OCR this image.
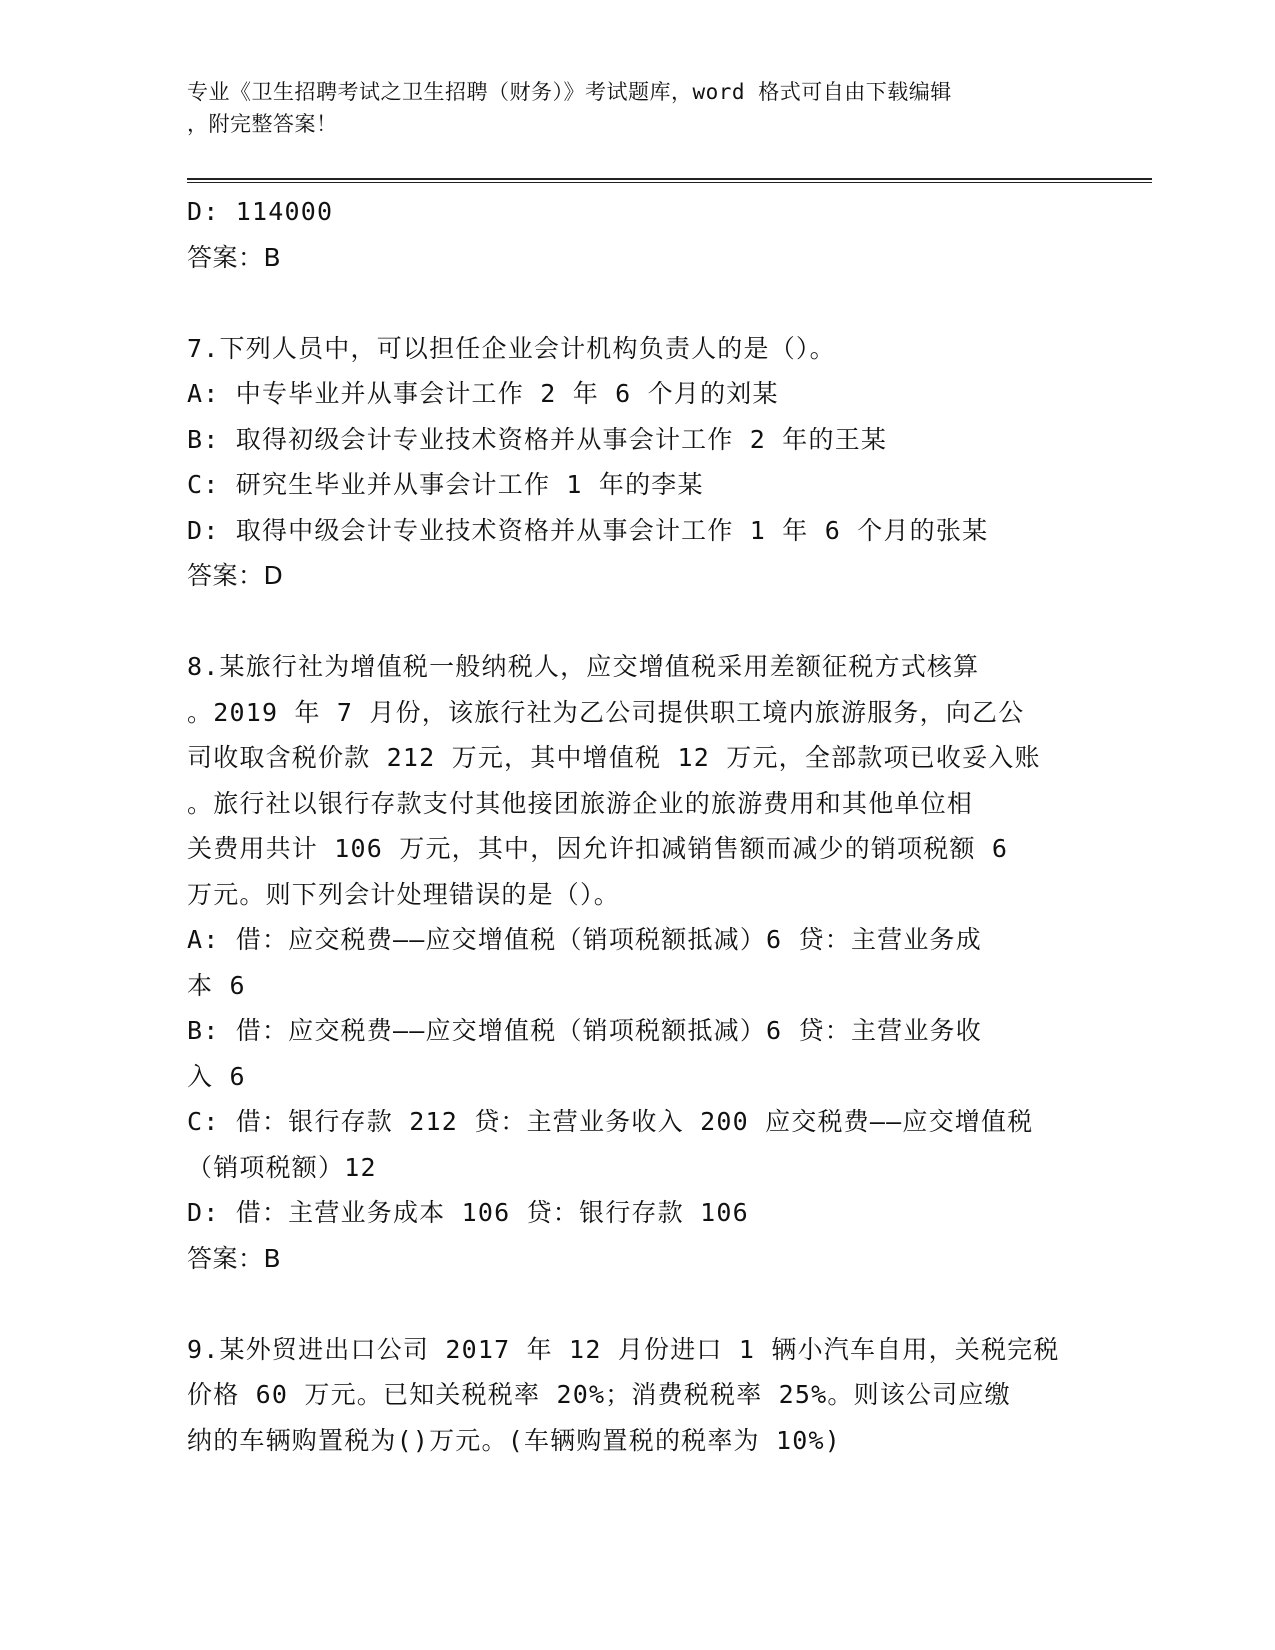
专业《卫生招聘考试之卫生招聘（财务）》考试题库，word 格式可自由下载编辑
，附完整答案！

D: 114000

答案：B

7.下列人员中，可以担任企业会计机构负责人的是（）。

A: 中专毕业并从事会计工作 2 年 6 个月的刘某

B: 取得初级会计专业技术资格并从事会计工作 2 年的王某

C: 研究生毕业并从事会计工作 1 年的李某

D: 取得中级会计专业技术资格并从事会计工作 1 年 6 个月的张某

答案：D

8.某旅行社为增值税一般纳税人，应交增值税采用差额征税方式核算

。2019 年 7 月份，该旅行社为乙公司提供职工境内旅游服务，向乙公

司收取含税价款 212 万元，其中增值税 12 万元，全部款项已收妥入账

。旅行社以银行存款支付其他接团旅游企业的旅游费用和其他单位相

关费用共计 106 万元，其中，因允许扣减销售额而减少的销项税额 6

万元。则下列会计处理错误的是（）。

A: 借：应交税费——应交增值税（销项税额抵减）6 贷：主营业务成

本 6

B: 借：应交税费——应交增值税（销项税额抵减）6 贷：主营业务收

入 6

C: 借：银行存款 212 贷：主营业务收入 200 应交税费——应交增值税

（销项税额）12

D: 借：主营业务成本 106 贷：银行存款 106

答案：B

9.某外贸进出口公司 2017 年 12 月份进口 1 辆小汽车自用，关税完税

价格 60 万元。已知关税税率 20%；消费税税率 25%。则该公司应缴

纳的车辆购置税为()万元。(车辆购置税的税率为 10%)
